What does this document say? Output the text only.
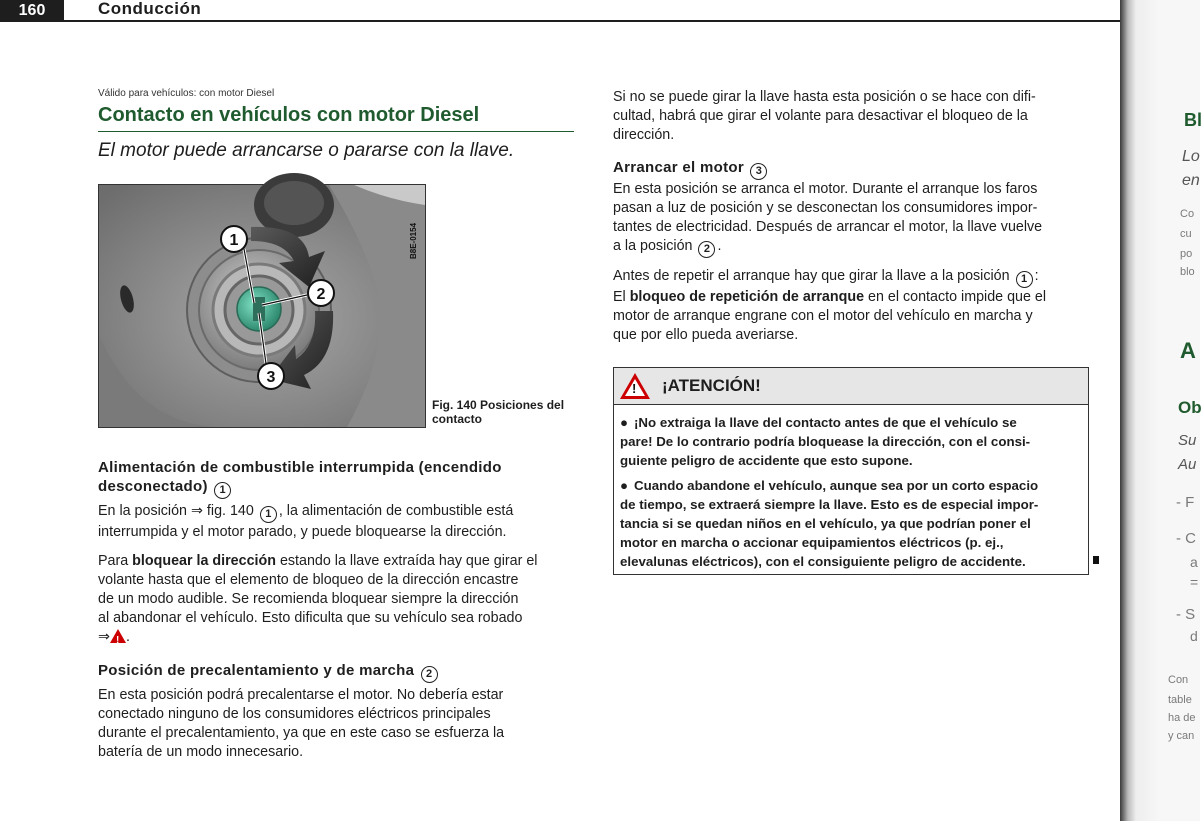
160	Conducción
Válido para vehículos: con motor Diesel
Contacto en vehículos con motor Diesel
El motor puede arrancarse o pararse con la llave.
1
2
3
B8E-0154
Fig. 140 Posiciones del
contacto
Alimentación de combustible interrumpida (encendido
desconectado) 1
En la posición ⇒ fig. 140 1 , la alimentación de combustible está
interrumpida y el motor parado, y puede bloquearse la dirección.
Para bloquear la dirección estando la llave extraída hay que girar el
volante hasta que el elemento de bloqueo de la dirección encastre
de un modo audible. Se recomienda bloquear siempre la dirección
al abandonar el vehículo. Esto dificulta que su vehículo sea robado
⇒! .
Posición de precalentamiento y de marcha 2
En esta posición podrá precalentarse el motor. No debería estar
conectado ninguno de los consumidores eléctricos principales
durante el precalentamiento, ya que en este caso se esfuerza la
batería de un modo innecesario.
Si no se puede girar la llave hasta esta posición o se hace con difi-
cultad, habrá que girar el volante para desactivar el bloqueo de la
dirección.
Arrancar el motor 3
En esta posición se arranca el motor. Durante el arranque los faros
pasan a luz de posición y se desconectan los consumidores impor-
tantes de electricidad. Después de arrancar el motor, la llave vuelve
a la posición 2 .
Antes de repetir el arranque hay que girar la llave a la posición 1 :
El bloqueo de repetición de arranque en el contacto impide que el
motor de arranque engrane con el motor del vehículo en marcha y
que por ello pueda averiarse.
!
¡ATENCIÓN!
● ¡No extraiga la llave del contacto antes de que el vehículo se
pare! De lo contrario podría bloquease la dirección, con el consi-
guiente peligro de accidente que esto supone.
● Cuando abandone el vehículo, aunque sea por un corto espacio
de tiempo, se extraerá siempre la llave. Esto es de especial impor-
tancia si se quedan niños en el vehículo, ya que podrían poner el
motor en marcha o accionar equipamientos eléctricos (p. ej.,
elevalunas eléctricos), con el consiguiente peligro de accidente.
Bl
Lo
en
Co
cu
po
blo
A
Ob
Su
Au
- F
- C
a
=
- S
d
Con
table
ha de
y can
